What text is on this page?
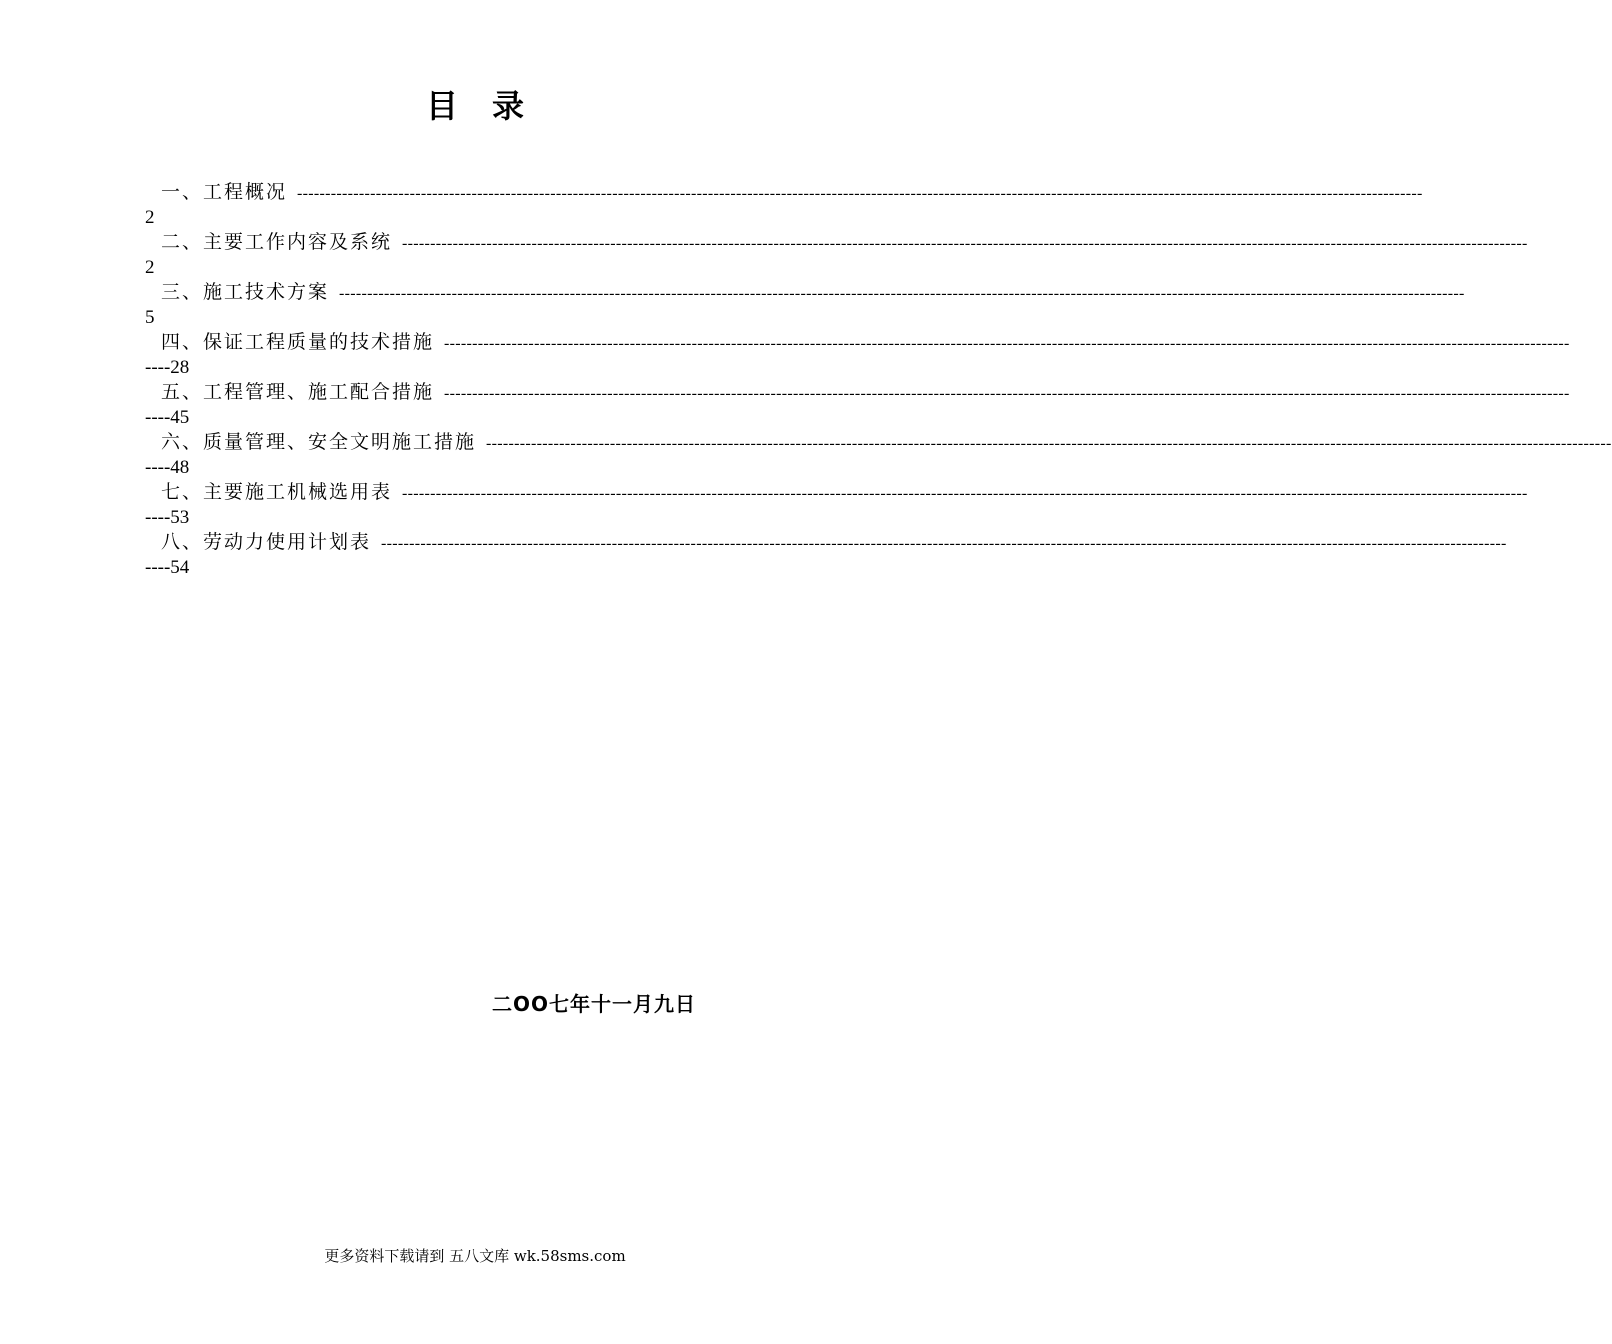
目录
一、工程概况 --------------------------------------------------------------------------------------------------------------------------------------------------------------------------------------------------------
2
二、主要工作内容及系统 --------------------------------------------------------------------------------------------------------------------------------------------------------------------------------------------------------
2
三、施工技术方案 --------------------------------------------------------------------------------------------------------------------------------------------------------------------------------------------------------
5
四、保证工程质量的技术措施 --------------------------------------------------------------------------------------------------------------------------------------------------------------------------------------------------------
----28
五、工程管理、施工配合措施 --------------------------------------------------------------------------------------------------------------------------------------------------------------------------------------------------------
----45
六、质量管理、安全文明施工措施 --------------------------------------------------------------------------------------------------------------------------------------------------------------------------------------------------------
----48
七、主要施工机械选用表 --------------------------------------------------------------------------------------------------------------------------------------------------------------------------------------------------------
----53
八、劳动力使用计划表 --------------------------------------------------------------------------------------------------------------------------------------------------------------------------------------------------------
----54
二OO七年十一月九日
更多资料下载请到 五八文库 wk.58sms.com
